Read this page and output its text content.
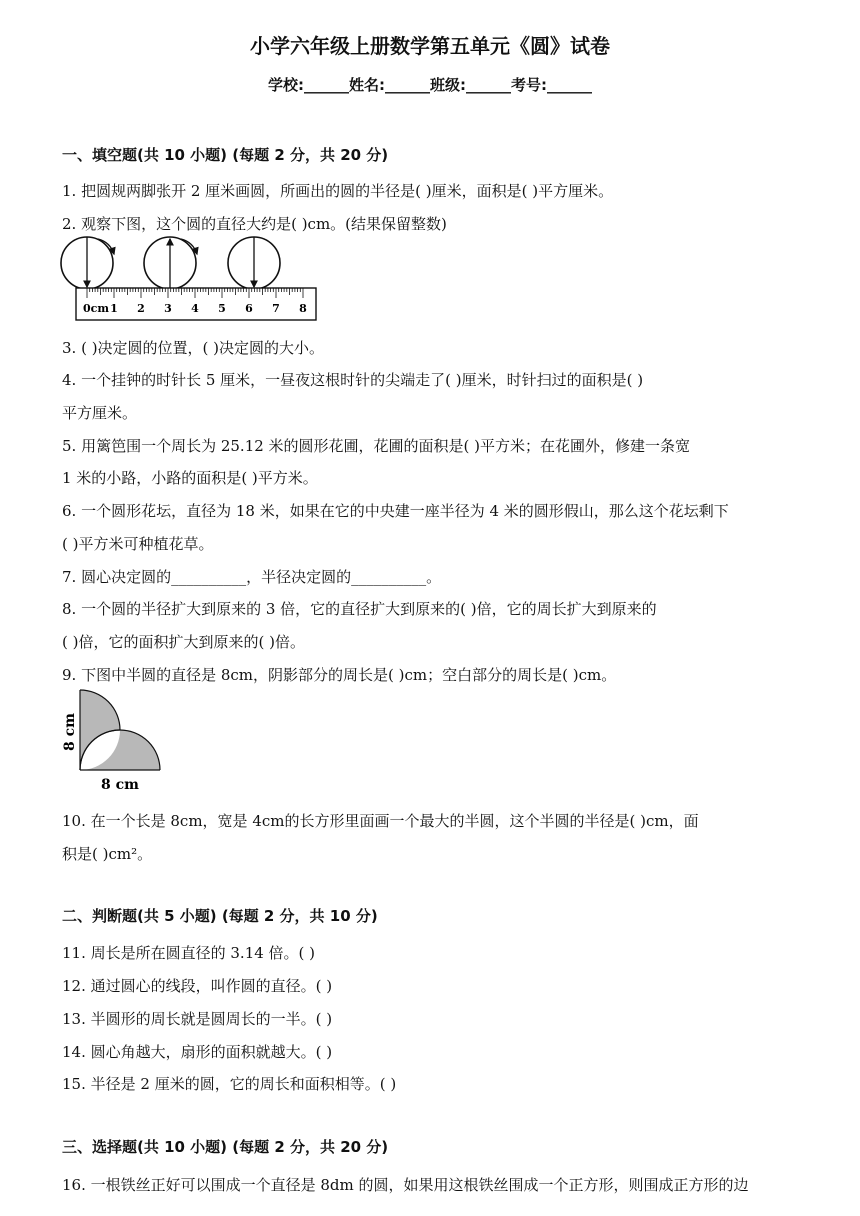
小学六年级上册数学第五单元《圆》试卷
学校:______姓名:______班级:______考号:______
一、填空题(共 10 小题) (每题 2 分，共 20 分)
1. 把圆规两脚张开 2 厘米画圆，所画出的圆的半径是( )厘米，面积是( )平方厘米。
2. 观察下图，这个圆的直径大约是( )cm。(结果保留整数)
0cm 1 2 3 4 5 6 7 8
3. ( )决定圆的位置，( )决定圆的大小。
4. 一个挂钟的时针长 5 厘米，一昼夜这根时针的尖端走了( )厘米，时针扫过的面积是( )
平方厘米。
5. 用篱笆围一个周长为 25.12 米的圆形花圃，花圃的面积是( )平方米；在花圃外，修建一条宽
1 米的小路，小路的面积是( )平方米。
6. 一个圆形花坛，直径为 18 米，如果在它的中央建一座半径为 4 米的圆形假山，那么这个花坛剩下
( )平方米可种植花草。
7. 圆心决定圆的__________，半径决定圆的__________。
8. 一个圆的半径扩大到原来的 3 倍，它的直径扩大到原来的( )倍，它的周长扩大到原来的
( )倍，它的面积扩大到原来的( )倍。
9. 下图中半圆的直径是 8cm，阴影部分的周长是( )cm；空白部分的周长是( )cm。
8 cm
8 cm
10. 在一个长是 8cm，宽是 4cm的长方形里面画一个最大的半圆，这个半圆的半径是( )cm，面
积是( )cm²。
二、判断题(共 5 小题) (每题 2 分，共 10 分)
11. 周长是所在圆直径的 3.14 倍。( )
12. 通过圆心的线段，叫作圆的直径。( )
13. 半圆形的周长就是圆周长的一半。( )
14. 圆心角越大，扇形的面积就越大。( )
15. 半径是 2 厘米的圆，它的周长和面积相等。( )
三、选择题(共 10 小题) (每题 2 分，共 20 分)
16. 一根铁丝正好可以围成一个直径是 8dm 的圆，如果用这根铁丝围成一个正方形，则围成正方形的边
